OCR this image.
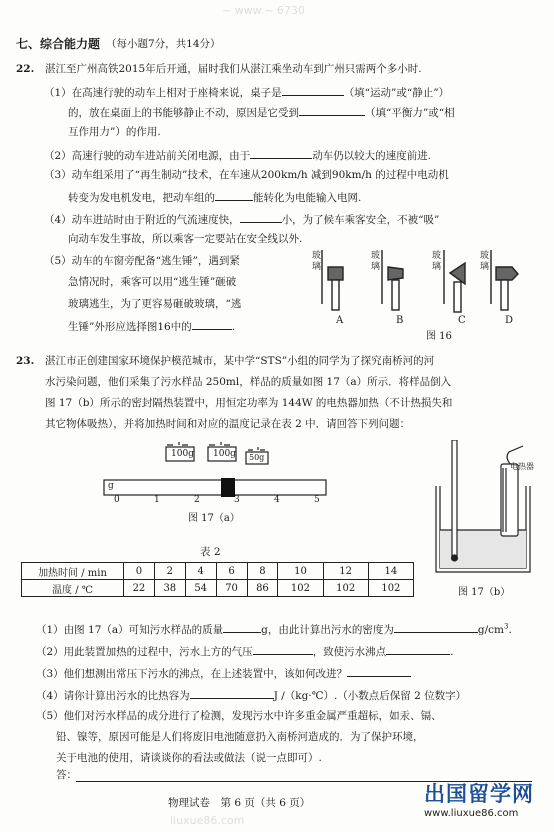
~ www.~ 6730
liuxue86.com
七、综合能力题 （每小题7分，共14分）
22. 湛江至广州高铁2015年后开通，届时我们从湛江乘坐动车到广州只需两个多小时.
（1）在高速行驶的动车上相对于座椅来说，桌子是	（填“运动”或“静止”）
的，放在桌面上的书能够静止不动，原因是它受到	（填“平衡力”或“相
互作用力”）的作用.
（2）高速行驶的动车进站前关闭电源，由于	动车仍以较大的速度前进.
（3）动车组采用了“再生制动”技术，在车速从200km/h 减到90km/h 的过程中电动机
转变为发电机发电，把动车组的	能转化为电能输入电网.
（4）动车进站时由于附近的气流速度快，	小，为了候车乘客安全，不被“吸”
向动车发生事故，所以乘客一定要站在安全线以外.
（5）动车的车窗旁配备“逃生锤”，遇到紧
急情况时，乘客可以用“逃生锤”砸破
玻璃逃生，为了更容易砸破玻璃，“逃
生锤”外形应选择图16中的	.
玻
璃
玻
璃
玻
璃
玻
璃
A	B	C	D
图 16
23. 湛江市正创建国家环境保护模范城市，某中学“STS”小组的同学为了探究南桥河的河
水污染问题，他们采集了污水样品 250ml，样品的质量如图 17（a）所示．将样品倒入
图 17（b）所示的密封隔热装置中，用恒定功率为 144W 的电热器加热（不计热损失和
其它物体吸热），并将加热时间和对应的温度记录在表 2 中．请回答下列问题：
100g 100g 50g
g
0	1	2	3	4	5
图 17（a）
表 2
加热时间 / min	0	2	4	6	8	10	12	14
温度 / ℃	22	38	54	70	86	102	102	102
电热器
图 17（b）
（1）由图 17（a）可知污水样品的质量	g，由此计算出污水的密度为	$g/cm^3$.
（2）用此装置加热的过程中，污水上方的气压	，致使污水沸点	.
（3）他们想测出常压下污水的沸点，在上述装置中，该如何改进？
（4）请你计算出污水的比热容为	J /（kg·℃）.（小数点后保留 2 位数字）
（5）他们对污水样品的成分进行了检测，发现污水中许多重金属严重超标，如汞、镉、
铅、镍等，原因可能是人们将废旧电池随意扔入南桥河造成的．为了保护环境，
关于电池的使用，请谈谈你的看法或做法（说一点即可）.
答：
物理试卷　第 6 页（共 6 页）	出国留学网
www.liuxue86.com
